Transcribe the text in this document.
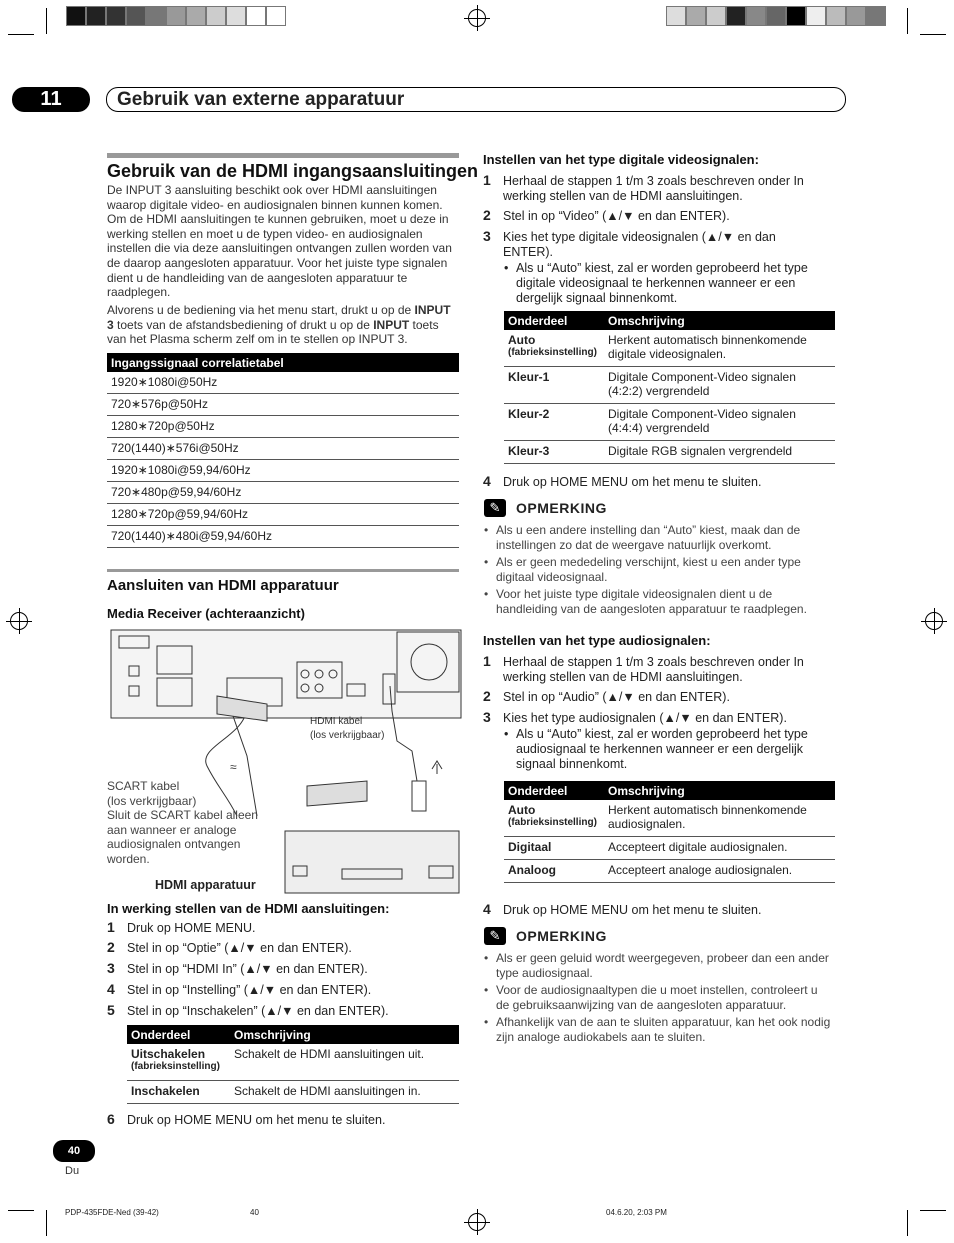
11	Gebruik van externe apparatuur
Gebruik van de HDMI ingangsaansluitingen

De INPUT 3 aansluiting beschikt ook over HDMI aansluitingen waarop digitale video- en audiosignalen binnen kunnen komen. Om de HDMI aansluitingen te kunnen gebruiken, moet u deze in werking stellen en moet u de typen video- en audiosignalen instellen die via deze aansluitingen ontvangen zullen worden van de daarop aangesloten apparatuur. Voor het juiste type signalen dient u de handleiding van de aangesloten apparatuur te raadplegen.

Alvorens u de bediening via het menu start, drukt u op de INPUT 3 toets van de afstandsbediening of drukt u op de INPUT toets van het Plasma scherm zelf om in te stellen op INPUT 3.

Ingangssignaal correlatietabel
1920∗1080i@50Hz
720∗576p@50Hz
1280∗720p@50Hz
720(1440)∗576i@50Hz
1920∗1080i@59,94/60Hz
720∗480p@59,94/60Hz
1280∗720p@59,94/60Hz
720(1440)∗480i@59,94/60Hz
Aansluiten van HDMI apparatuur
Media Receiver (achteraanzicht)
≈
HDMI kabel
(los verkrijgbaar)
SCART kabel
(los verkrijgbaar)
Sluit de SCART kabel alleen
aan wanneer er analoge
audiosignalen ontvangen
worden.
HDMI apparatuur
In werking stellen van de HDMI aansluitingen:
1 Druk op HOME MENU.
2 Stel in op “Optie” (▲/▼ en dan ENTER).
3 Stel in op “HDMI In” (▲/▼ en dan ENTER).
4 Stel in op “Instelling” (▲/▼ en dan ENTER).
5 Stel in op “Inschakelen” (▲/▼ en dan ENTER).
Onderdeel	Omschrijving

Uitschakelen
(fabrieksinstelling)	Schakelt de HDMI aansluitingen uit.
Inschakelen	Schakelt de HDMI aansluitingen in.
6 Druk op HOME MENU om het menu te sluiten.
Instellen van het type digitale videosignalen:
1 Herhaal de stappen 1 t/m 3 zoals beschreven onder In werking stellen van de HDMI aansluitingen.
2 Stel in op “Video” (▲/▼ en dan ENTER).
3 Kies het type digitale videosignalen (▲/▼ en dan ENTER).
• Als u “Auto” kiest, zal er worden geprobeerd het type digitale videosignaal te herkennen wanneer er een dergelijk signaal binnenkomt.
Onderdeel	Omschrijving

Auto
(fabrieksinstelling)	Herkent automatisch binnenkomende digitale videosignalen.
Kleur-1	Digitale Component-Video signalen (4:2:2) vergrendeld
Kleur-2	Digitale Component-Video signalen (4:4:4) vergrendeld
Kleur-3	Digitale RGB signalen vergrendeld
4 Druk op HOME MENU om het menu te sluiten.
✎	OPMERKING
• Als u een andere instelling dan “Auto” kiest, maak dan de instellingen zo dat de weergave natuurlijk overkomt.
• Als er geen mededeling verschijnt, kiest u een ander type digitaal videosignaal.
• Voor het juiste type digitale videosignalen dient u de handleiding van de aangesloten apparatuur te raadplegen.
Instellen van het type audiosignalen:
1 Herhaal de stappen 1 t/m 3 zoals beschreven onder In werking stellen van de HDMI aansluitingen.
2 Stel in op “Audio” (▲/▼ en dan ENTER).
3 Kies het type audiosignalen (▲/▼ en dan ENTER).
• Als u “Auto” kiest, zal er worden geprobeerd het type audiosignaal te herkennen wanneer er een dergelijk signaal binnenkomt.
Onderdeel	Omschrijving

Auto
(fabrieksinstelling)	Herkent automatisch binnenkomende audiosignalen.
Digitaal	Accepteert digitale audiosignalen.
Analoog	Accepteert analoge audiosignalen.
4 Druk op HOME MENU om het menu te sluiten.
✎	OPMERKING
• Als er geen geluid wordt weergegeven, probeer dan een ander type audiosignaal.
• Voor de audiosignaaltypen die u moet instellen, controleert u de gebruiksaanwijzing van de aangesloten apparatuur.
• Afhankelijk van de aan te sluiten apparatuur, kan het ook nodig zijn analoge audiokabels aan te sluiten.
40
Du
PDP-435FDE-Ned (39-42)	40	04.6.20, 2:03 PM
